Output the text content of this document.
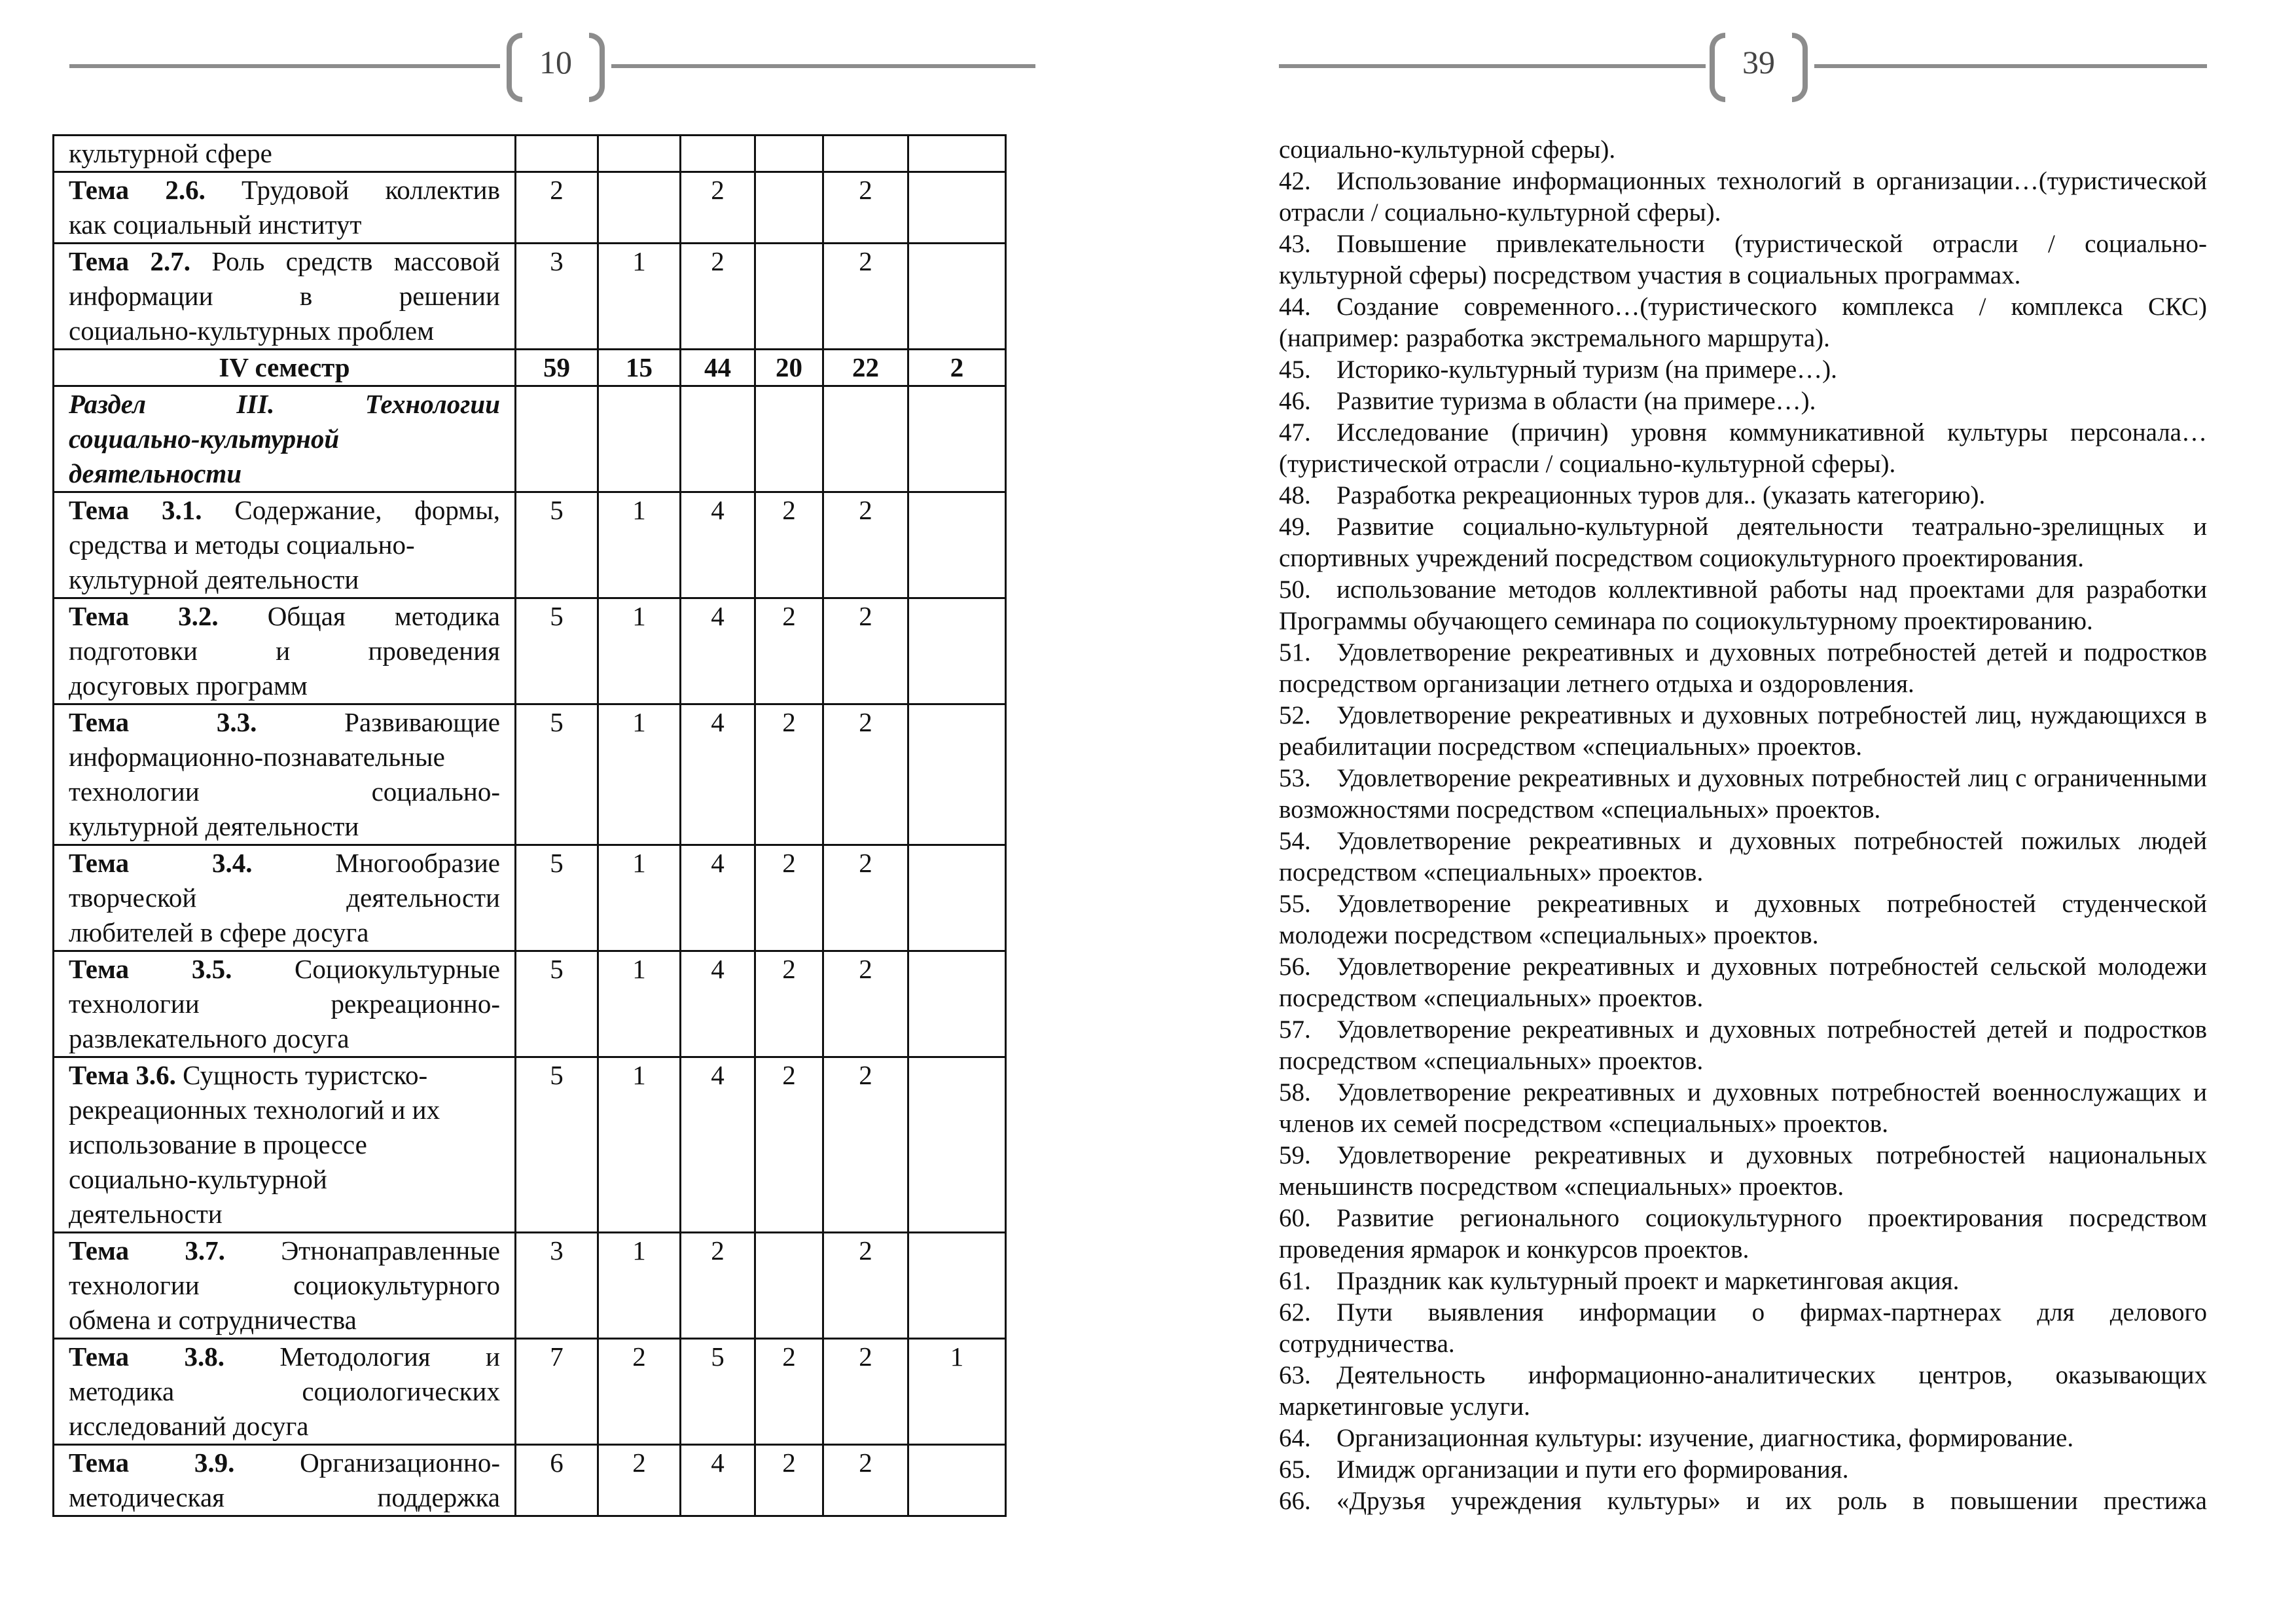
10
культурной сфере						

Тема 2.6. Трудовой коллектив
как социальный институт	2		2		2	

Тема 2.7. Роль средств массовой
информации в решении
социально-культурных проблем	3	1	2		2	

IV семестр	59	15	44	20	22	2

Раздел III. Технологии
социально-культурной
деятельности						

Тема 3.1. Содержание, формы,
средства и методы социально-
культурной деятельности	5	1	4	2	2	

Тема 3.2. Общая методика
подготовки и проведения
досуговых программ	5	1	4	2	2	

Тема 3.3. Развивающие
информационно-познавательные
технологии социально-
культурной деятельности	5	1	4	2	2	

Тема 3.4. Многообразие
творческой деятельности
любителей в сфере досуга	5	1	4	2	2	

Тема 3.5. Социокультурные
технологии рекреационно-
развлекательного досуга	5	1	4	2	2	

Тема 3.6. Сущность туристско-
рекреационных технологий и их
использование в процессе
социально-культурной
деятельности	5	1	4	2	2	

Тема 3.7. Этнонаправленные
технологии социокультурного
обмена и сотрудничества	3	1	2		2	

Тема 3.8. Методология и
методика социологических
исследований досуга	7	2	5	2	2	1

Тема 3.9. Организационно-
методическая поддержка	6	2	4	2	2	
39
социально-культурной сферы).
42. Использование информационных технологий в организации…(туристической отрасли / социально-культурной сферы).
43. Повышение привлекательности (туристической отрасли / социально-культурной сферы) посредством участия в социальных программах.
44. Создание современного…(туристического комплекса / комплекса СКС) (например: разработка экстремального маршрута).
45. Историко-культурный туризм (на примере…).
46. Развитие туризма в области (на примере…).
47. Исследование (причин) уровня коммуникативной культуры персонала…(туристической отрасли / социально-культурной сферы).
48. Разработка рекреационных туров для.. (указать категорию).
49. Развитие социально-культурной деятельности театрально-зрелищных и спортивных учреждений посредством социокультурного проектирования.
50. использование методов коллективной работы над проектами для разработки Программы обучающего семинара по социокультурному проектированию.
51. Удовлетворение рекреативных и духовных потребностей детей и подростков посредством организации летнего отдыха и оздоровления.
52. Удовлетворение рекреативных и духовных потребностей лиц, нуждающихся в реабилитации посредством «специальных» проектов.
53. Удовлетворение рекреативных и духовных потребностей лиц с ограниченными возможностями посредством «специальных» проектов.
54. Удовлетворение рекреативных и духовных потребностей пожилых людей посредством «специальных» проектов.
55. Удовлетворение рекреативных и духовных потребностей студенческой молодежи посредством «специальных» проектов.
56. Удовлетворение рекреативных и духовных потребностей сельской молодежи посредством «специальных» проектов.
57. Удовлетворение рекреативных и духовных потребностей детей и подростков посредством «специальных» проектов.
58. Удовлетворение рекреативных и духовных потребностей военнослужащих и членов их семей посредством «специальных» проектов.
59. Удовлетворение рекреативных и духовных потребностей национальных меньшинств посредством «специальных» проектов.
60. Развитие регионального социокультурного проектирования посредством проведения ярмарок и конкурсов проектов.
61. Праздник как культурный проект и маркетинговая акция.
62. Пути выявления информации о фирмах-партнерах для делового сотрудничества.
63. Деятельность информационно-аналитических центров, оказывающих маркетинговые услуги.
64. Организационная культуры: изучение, диагностика, формирование.
65. Имидж организации и пути его формирования.
66. «Друзья учреждения культуры» и их роль в повышении престижа
